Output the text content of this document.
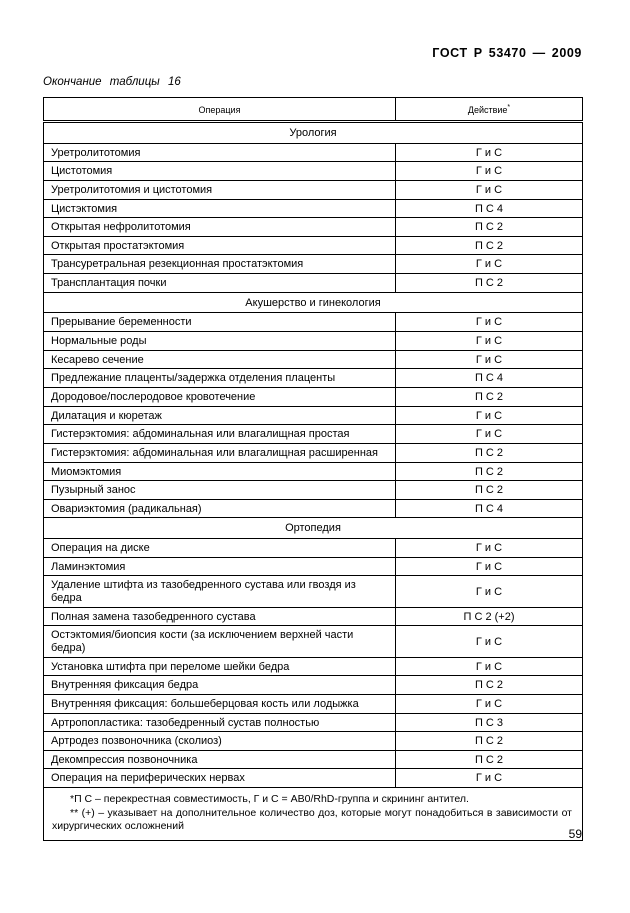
ГОСТ Р 53470 — 2009
Окончание таблицы 16
Операция	Действие*
Урология	
Уретролитотомия	Г и С
Цистотомия	Г и С
Уретролитотомия и цистотомия	Г и С
Цистэктомия	П С 4
Открытая нефролитотомия	П С 2
Открытая простатэктомия	П С 2
Трансуретральная резекционная простатэктомия	Г и С
Трансплантация почки	П С 2
Акушерство и гинекология	
Прерывание беременности	Г и С
Нормальные роды	Г и С
Кесарево сечение	Г и С
Предлежание плаценты/задержка отделения плаценты	П С 4
Дородовое/послеродовое кровотечение	П С 2
Дилатация и кюретаж	Г и С
Гистерэктомия: абдоминальная или влагалищная простая	Г и С
Гистерэктомия: абдоминальная или влагалищная расширенная	П С 2
Миомэктомия	П С 2
Пузырный занос	П С 2
Овариэктомия (радикальная)	П С 4
Ортопедия	
Операция на диске	Г и С
Ламинэктомия	Г и С
Удаление штифта из тазобедренного сустава или гвоздя из бедра	Г и С
Полная замена тазобедренного сустава	П С 2 (+2)
Остэктомия/биопсия кости (за исключением верхней части бедра)	Г и С
Установка штифта при переломе шейки бедра	Г и С
Внутренняя фиксация бедра	П С 2
Внутренняя фиксация: большеберцовая кость или лодыжка	Г и С
Артропопластика: тазобедренный сустав полностью	П С 3
Артродез позвоночника (сколиоз)	П С 2
Декомпрессия позвоночника	П С 2
Операция на периферических нервах	Г и С

*П С – перекрестная совместимость, Г и С = AB0/RhD-группа и скрининг антител.

** (+) – указывает на дополнительное количество доз, которые могут понадобиться в зависимости от хирургических осложнений	

59
